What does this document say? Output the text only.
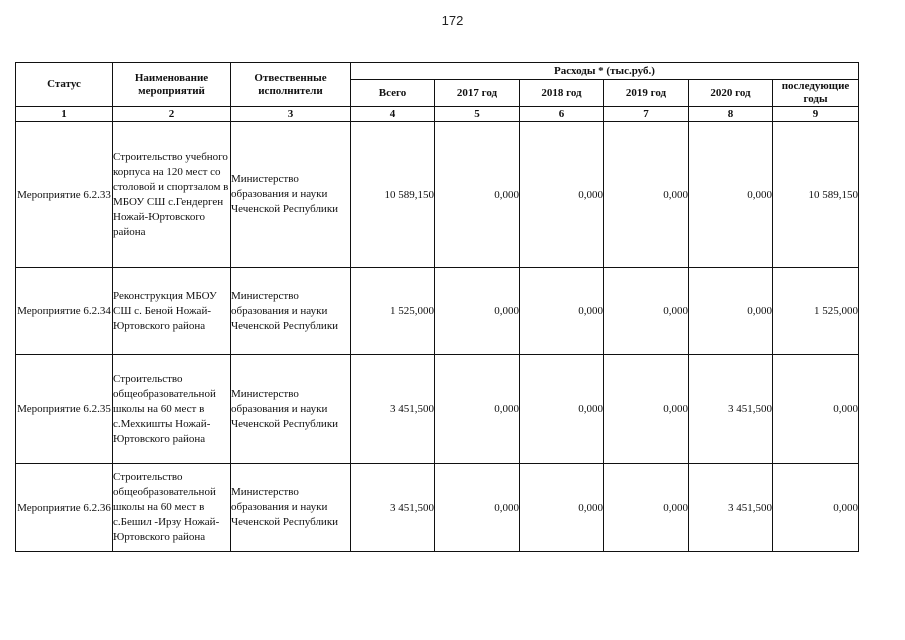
172
Статус	Наименование мероприятий	Отвественные исполнители	Расходы * (тыс.руб.)					
			Всего	2017 год	2018 год	2019 год	2020 год	последующие годы
1	2	3	4	5	6	7	8	9
Мероприятие 6.2.33	Строительство учебного корпуса на 120 мест со столовой и спортзалом в МБОУ СШ с.Гендерген Ножай-Юртовского района	Министерство образования и науки Чеченской Республики	10 589,150	0,000	0,000	0,000	0,000	10 589,150
Мероприятие 6.2.34	Реконструкция МБОУ СШ с. Беной Ножай-Юртовского района	Министерство образования и науки Чеченской Республики	1 525,000	0,000	0,000	0,000	0,000	1 525,000
Мероприятие 6.2.35	Строительство общеобразовательной школы на 60 мест в с.Мехкишты Ножай-Юртовского района	Министерство образования и науки Чеченской Республики	3 451,500	0,000	0,000	0,000	3 451,500	0,000
Мероприятие 6.2.36	Строительство общеобразовательной школы на 60 мест в с.Бешил -Ирзу Ножай-Юртовского района	Министерство образования и науки Чеченской Республики	3 451,500	0,000	0,000	0,000	3 451,500	0,000
